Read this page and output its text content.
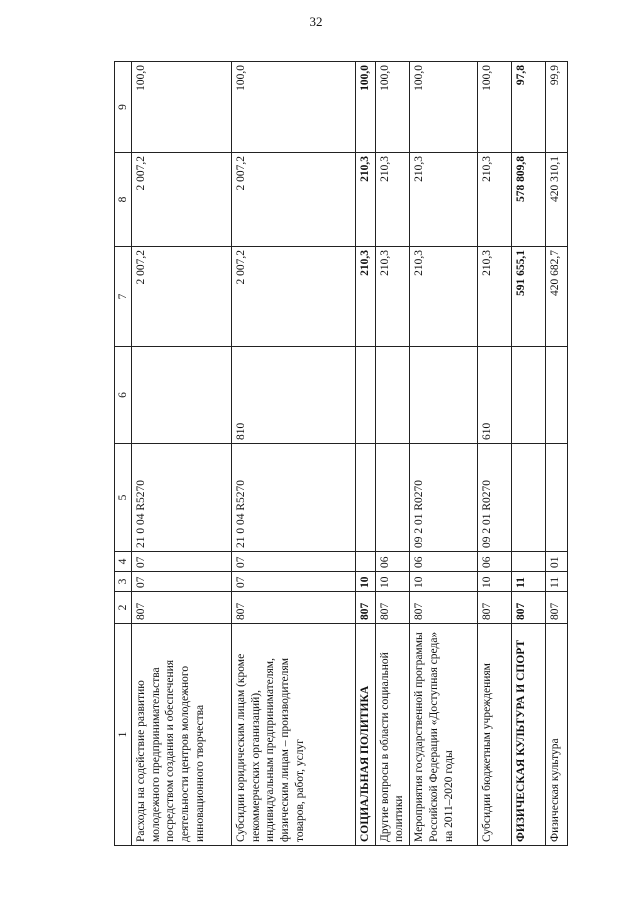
32
1	2	3	4	5	6	7	8	9
Расходы на содействие развитию молодежного предпринимательства посредством создания и обеспечения деятельности центров молодежного инновационного творчества	807	07	07	21 0 04 R5270		2 007,2	2 007,2	100,0
Субсидии юридическим лицам (кроме некоммерческих организаций), индивидуальным предпринимателям, физическим лицам – производителям товаров, работ, услуг	807	07	07	21 0 04 R5270	810	2 007,2	2 007,2	100,0
СОЦИАЛЬНАЯ ПОЛИТИКА	807	10				210,3	210,3	100,0
Другие вопросы в области социальной политики	807	10	06			210,3	210,3	100,0
Мероприятия государственной программы Российской Федерации «Доступная среда» на 2011–2020 годы	807	10	06	09 2 01 R0270		210,3	210,3	100,0
Субсидии бюджетным учреждениям	807	10	06	09 2 01 R0270	610	210,3	210,3	100,0
ФИЗИЧЕСКАЯ КУЛЬТУРА И СПОРТ	807	11				591 655,1	578 809,8	97,8
Физическая культура	807	11	01			420 682,7	420 310,1	99,9
